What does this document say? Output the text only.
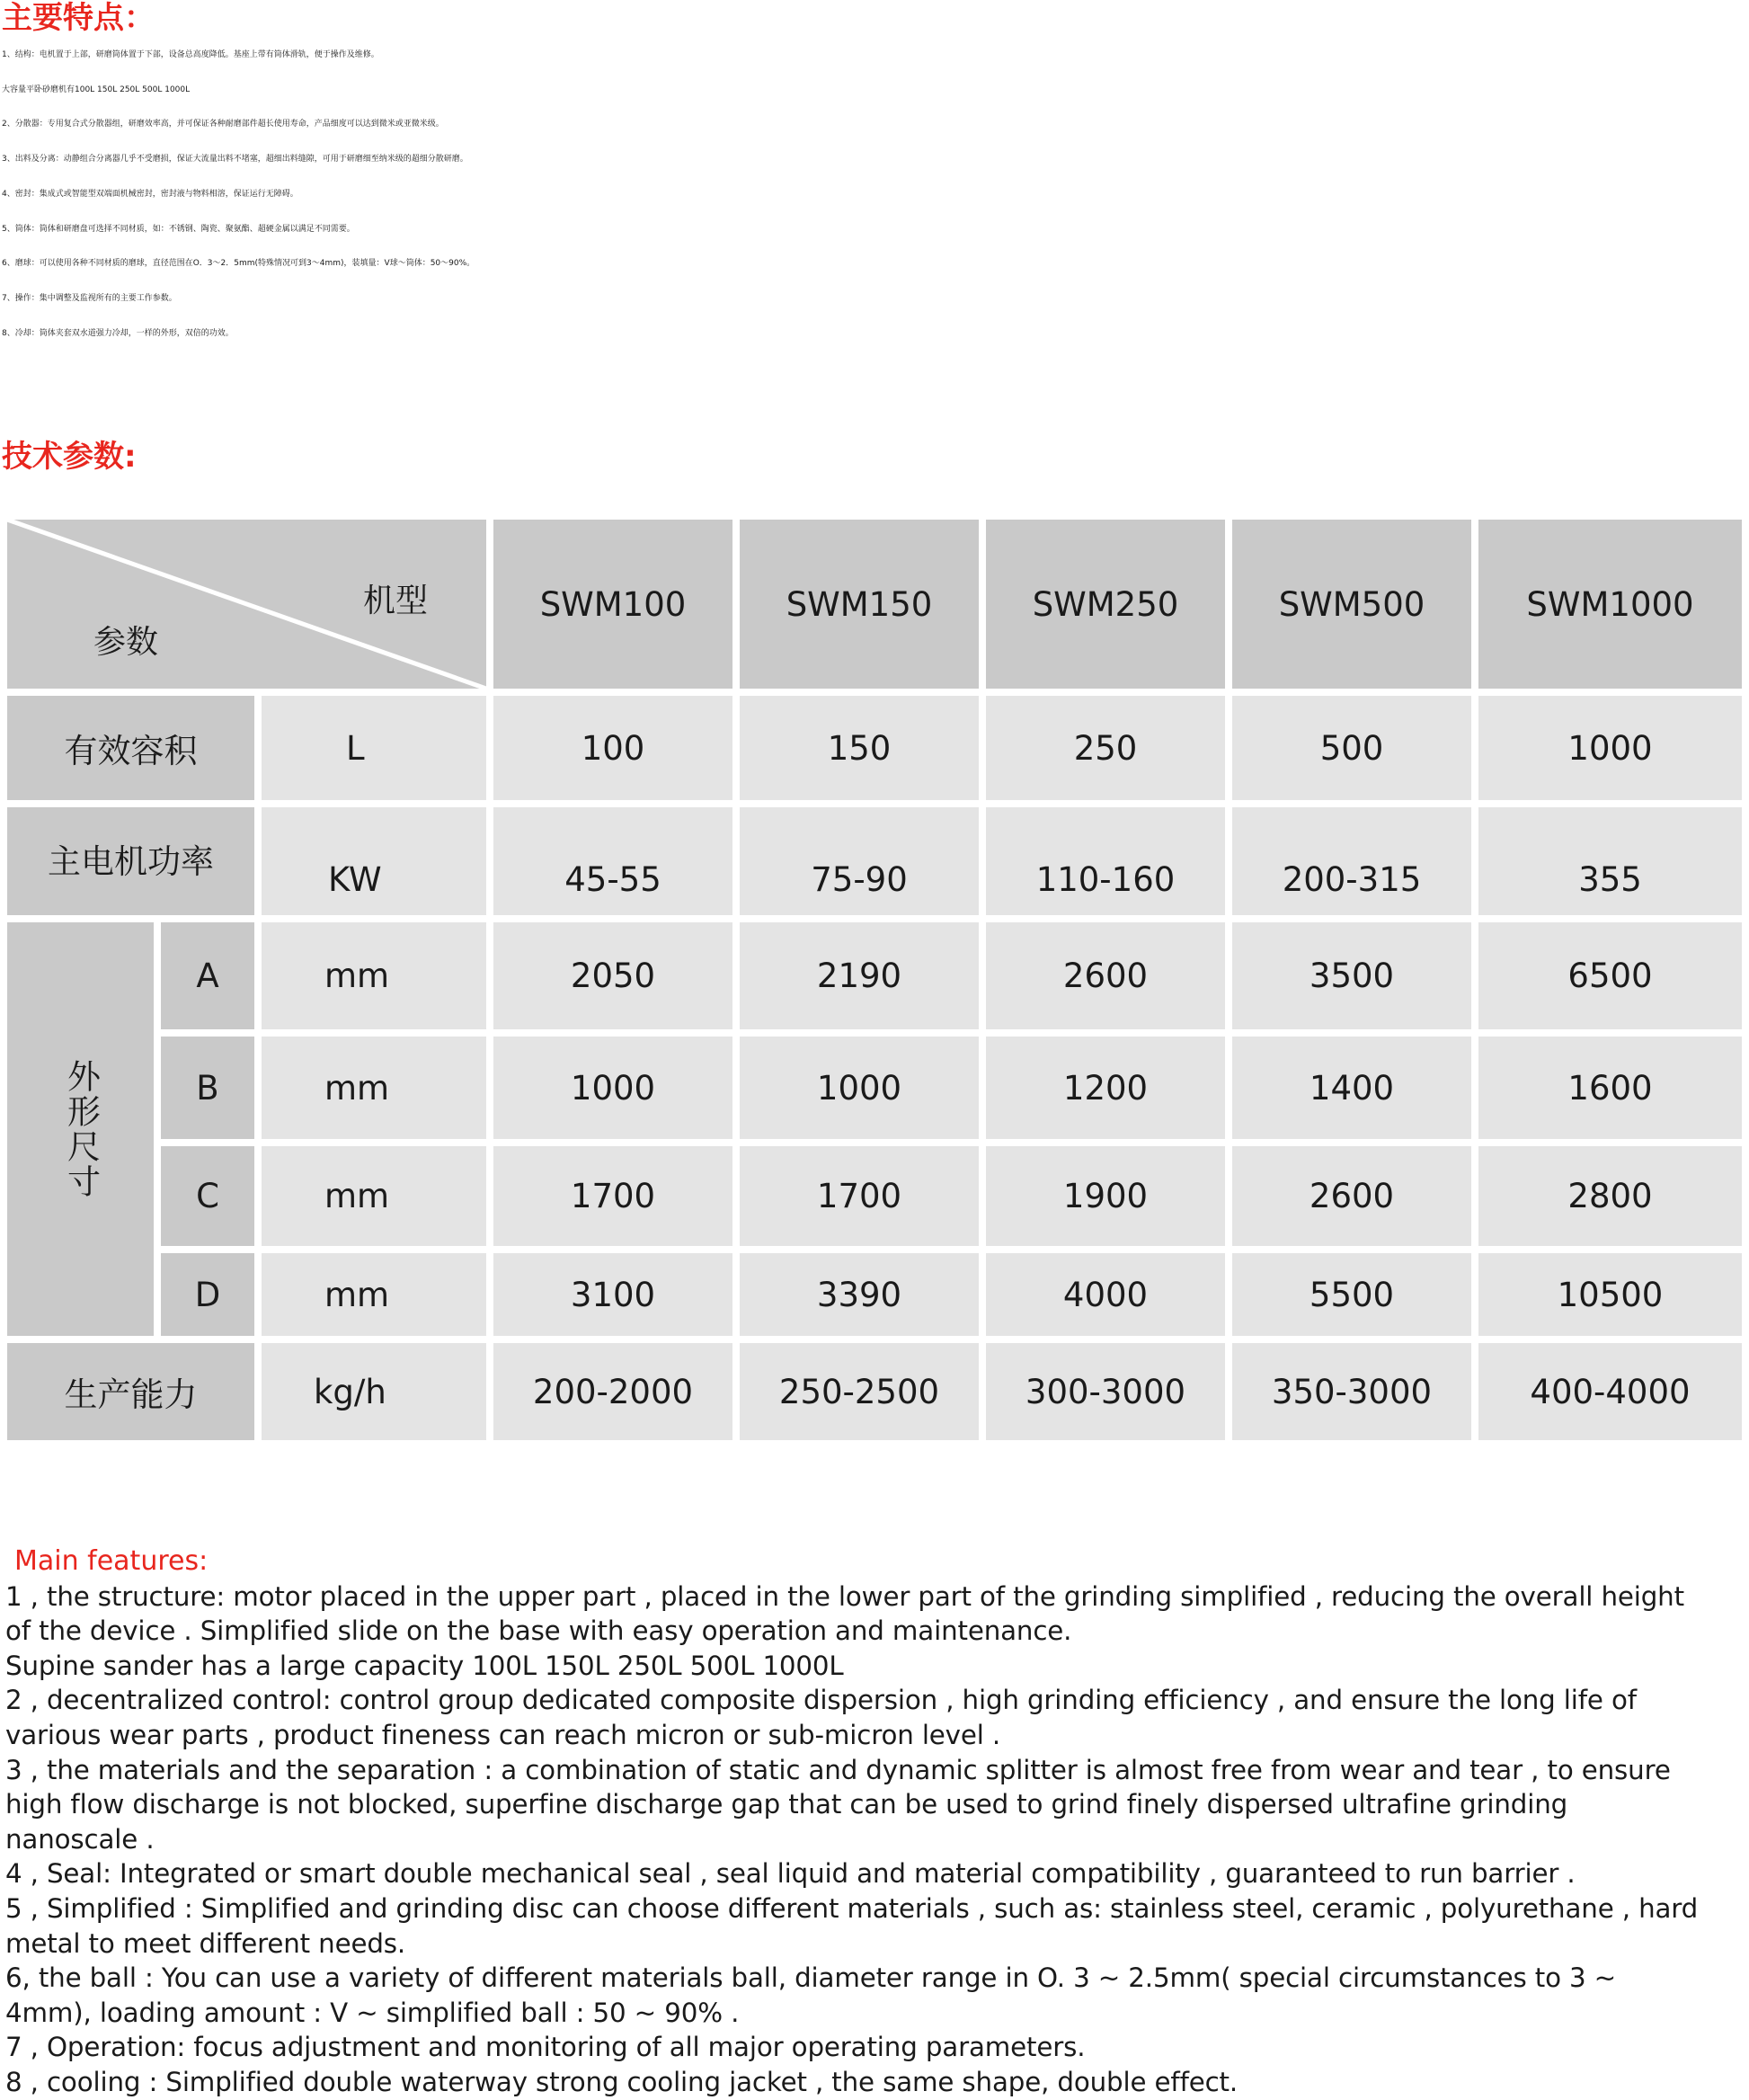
主要特点：
1、结构：电机置于上部，研磨筒体置于下部，设备总高度降低。基座上带有筒体滑轨，便于操作及维修。
大容量平卧砂磨机有100L 150L 250L 500L 1000L
2、分散器：专用复合式分散器组，研磨效率高，并可保证各种耐磨部件超长使用寿命，产品细度可以达到微米或亚微米级。
3、出料及分离：动静组合分离器几乎不受磨损，保证大流量出料不堵塞，超细出料缝隙，可用于研磨细至纳米级的超细分散研磨。
4、密封：集成式或智能型双端面机械密封，密封液与物料相溶，保证运行无障碍。
5、筒体：筒体和研磨盘可选择不同材质，如：不锈钢、陶瓷、聚氨酯、超硬金属以满足不同需要。
6、磨球：可以使用各种不同材质的磨球，直径范围在O．3～2．5mm(特殊情况可到3～4mm)，装填量：V球～筒体：50～90%。
7、操作：集中调整及监视所有的主要工作参数。
8、冷却：筒体夹套双水道强力冷却，一样的外形，双倍的功效。
技术参数:
机型
参数
SWM100	SWM150	SWM250	SWM500	SWM1000
有效容积	L	100	150	250	500	1000
主电机功率	KW	45-55	75-90	110-160	200-315	355
外形尺寸
A	mm	2050	2190	2600	3500	6500
B	mm	1000	1000	1200	1400	1600
C	mm	1700	1700	1900	2600	2800
D	mm	3100	3390	4000	5500	10500
生产能力	kg/h	200-2000	250-2500	300-3000	350-3000	400-4000
Main features:
1 , the structure: motor placed in the upper part , placed in the lower part of the grinding simplified , reducing the overall height
of the device . Simplified slide on the base with easy operation and maintenance.
Supine sander has a large capacity 100L 150L 250L 500L 1000L
2 , decentralized control: control group dedicated composite dispersion , high grinding efficiency , and ensure the long life of
various wear parts , product fineness can reach micron or sub-micron level .
3 , the materials and the separation : a combination of static and dynamic splitter is almost free from wear and tear , to ensure
high flow discharge is not blocked, superfine discharge gap that can be used to grind finely dispersed ultrafine grinding
nanoscale .
4 , Seal: Integrated or smart double mechanical seal , seal liquid and material compatibility , guaranteed to run barrier .
5 , Simplified : Simplified and grinding disc can choose different materials , such as: stainless steel, ceramic , polyurethane , hard
metal to meet different needs.
6, the ball : You can use a variety of different materials ball, diameter range in O. 3 ~ 2.5mm( special circumstances to 3 ~
4mm), loading amount : V ~ simplified ball : 50 ~ 90% .
7 , Operation: focus adjustment and monitoring of all major operating parameters.
8 , cooling : Simplified double waterway strong cooling jacket , the same shape, double effect.
